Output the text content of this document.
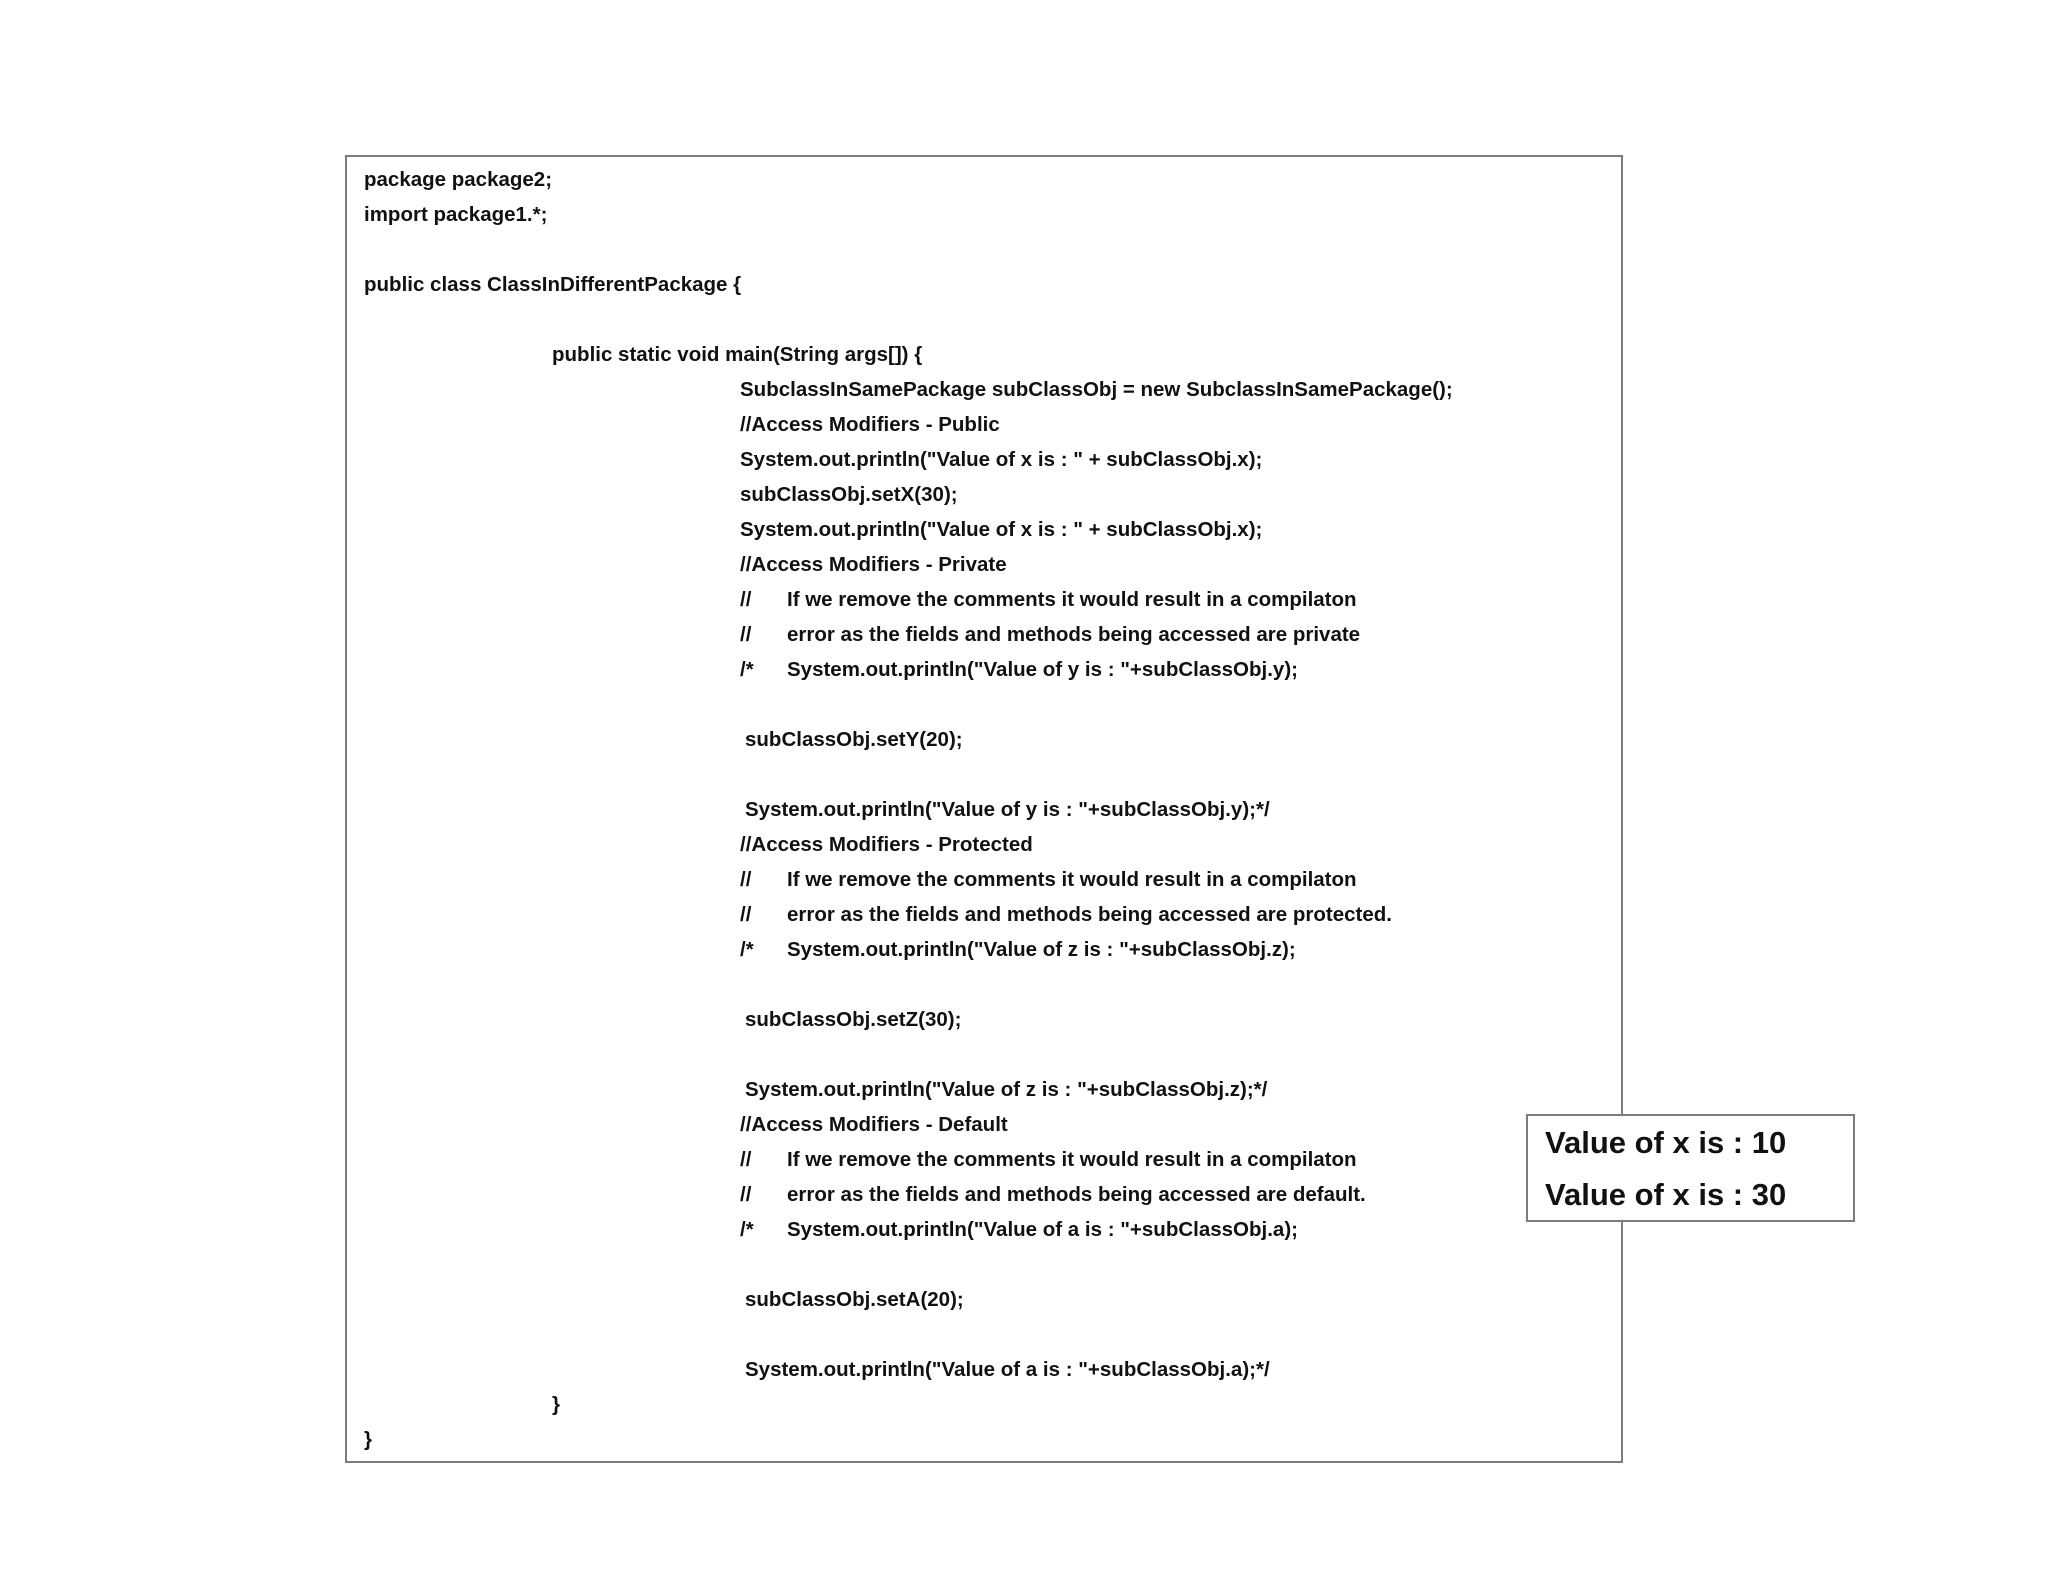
package package2;
import package1.*;
public class ClassInDifferentPackage {
public static void main(String args[]) {
SubclassInSamePackage subClassObj = new SubclassInSamePackage();
//Access Modifiers - Public
System.out.println("Value of x is : " + subClassObj.x);
subClassObj.setX(30);
System.out.println("Value of x is : " + subClassObj.x);
//Access Modifiers - Private
// If we remove the comments it would result in a compilaton
// error as the fields and methods being accessed are private
/* System.out.println("Value of y is : "+subClassObj.y);
subClassObj.setY(20);
System.out.println("Value of y is : "+subClassObj.y);*/
//Access Modifiers - Protected
// If we remove the comments it would result in a compilaton
// error as the fields and methods being accessed are protected.
/* System.out.println("Value of z is : "+subClassObj.z);
subClassObj.setZ(30);
System.out.println("Value of z is : "+subClassObj.z);*/
//Access Modifiers - Default
// If we remove the comments it would result in a compilaton
// error as the fields and methods being accessed are default.
/* System.out.println("Value of a is : "+subClassObj.a);
subClassObj.setA(20);
System.out.println("Value of a is : "+subClassObj.a);*/
}
}
Value of x is : 10
Value of x is : 30
